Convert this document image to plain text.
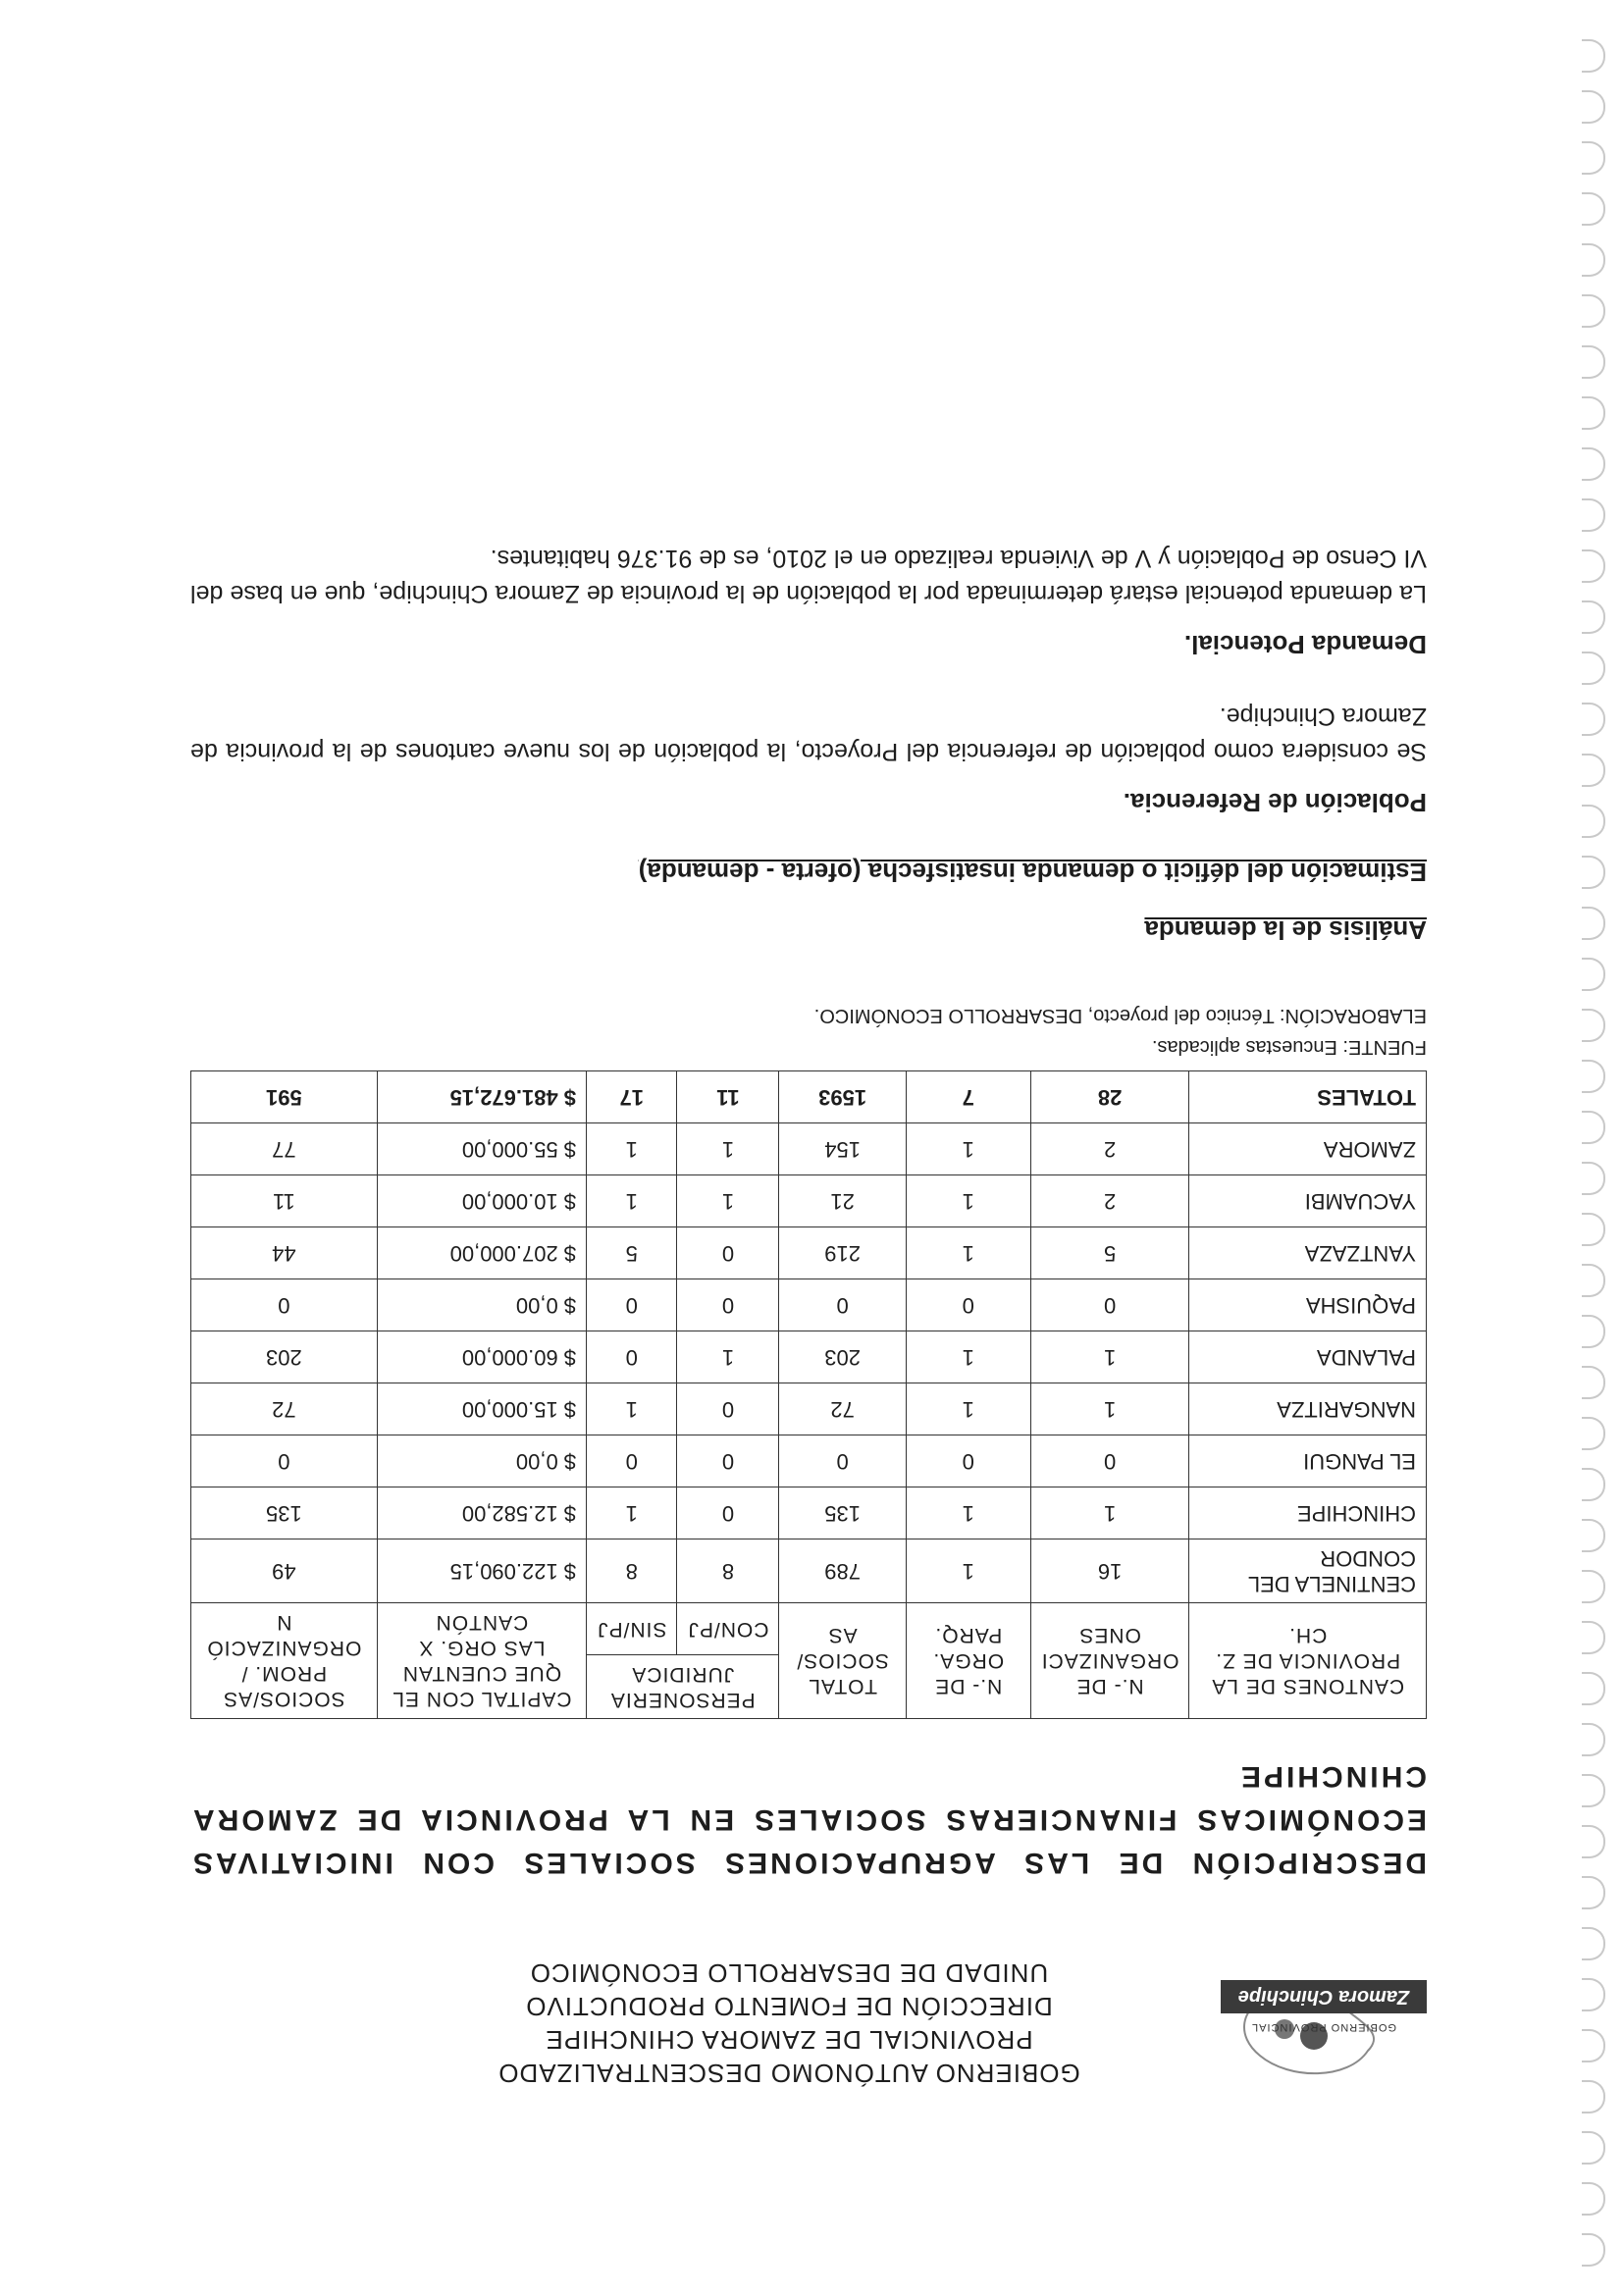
GOBIERNO PROVINCIAL
Zamora Chinchipe
GOBIERNO AUTÓNOMO DESCENTRALIZADO
PROVINCIAL DE ZAMORA CHINCHIPE
DIRECCIÓN DE FOMENTO PRODUCTIVO
UNIDAD DE DESARROLLO ECONÓMICO
DESCRIPCIÓN DE LAS AGRUPACIONES SOCIALES CON INICIATIVAS ECONÓMICAS FINANCIERAS SOCIALES EN LA PROVINCIA DE ZAMORA CHINCHIPE
CANTONES DE LA PROVINCIA DE Z. CH.	N.- DE ORGANIZACI ONES	N.- DE ORGA. PARQ.	TOTAL SOCIOS/ AS	PERSONERIA JURIDICA		CAPITAL CON EL QUE CUENTAN LAS ORG. X CANTÓN	SOCIOS/AS PROM. / ORGANIZACIÓ N
				CON/PJ	SIN/PJ		
CENTINELA DEL CONDOR	16	1	789	8	8	$ 122.090,15	49
CHINCHIPE	1	1	135	0	1	$ 12.582,00	135
EL PANGUI	0	0	0	0	0	$ 0,00	0
NANGARITZA	1	1	72	0	1	$ 15.000,00	72
PALANDA	1	1	203	1	0	$ 60.000,00	203
PAQUISHA	0	0	0	0	0	$ 0,00	0
YANTZAZA	5	1	219	0	5	$ 207.000,00	44
YACUAMBI	2	1	21	1	1	$ 10.000,00	11
ZAMORA	2	1	154	1	1	$ 55.000,00	77
TOTALES	28	7	1593	11	17	$ 481.672,15	591
FUENTE: Encuestas aplicadas.
ELABORACIÓN: Técnico del proyecto, DESARROLLO ECONÓMICO.
Análisis de la demanda
Estimación del déficit o demanda insatisfecha (oferta - demanda)
Población de Referencia.
Se considera como población de referencia del Proyecto, la población de los nueve cantones de la provincia de Zamora Chinchipe.
Demanda Potencial.
La demanda potencial estará determinada por la población de la provincia de Zamora Chinchipe, que en base del VI Censo de Población y V de Vivienda realizado en el 2010, es de 91.376 habitantes.
